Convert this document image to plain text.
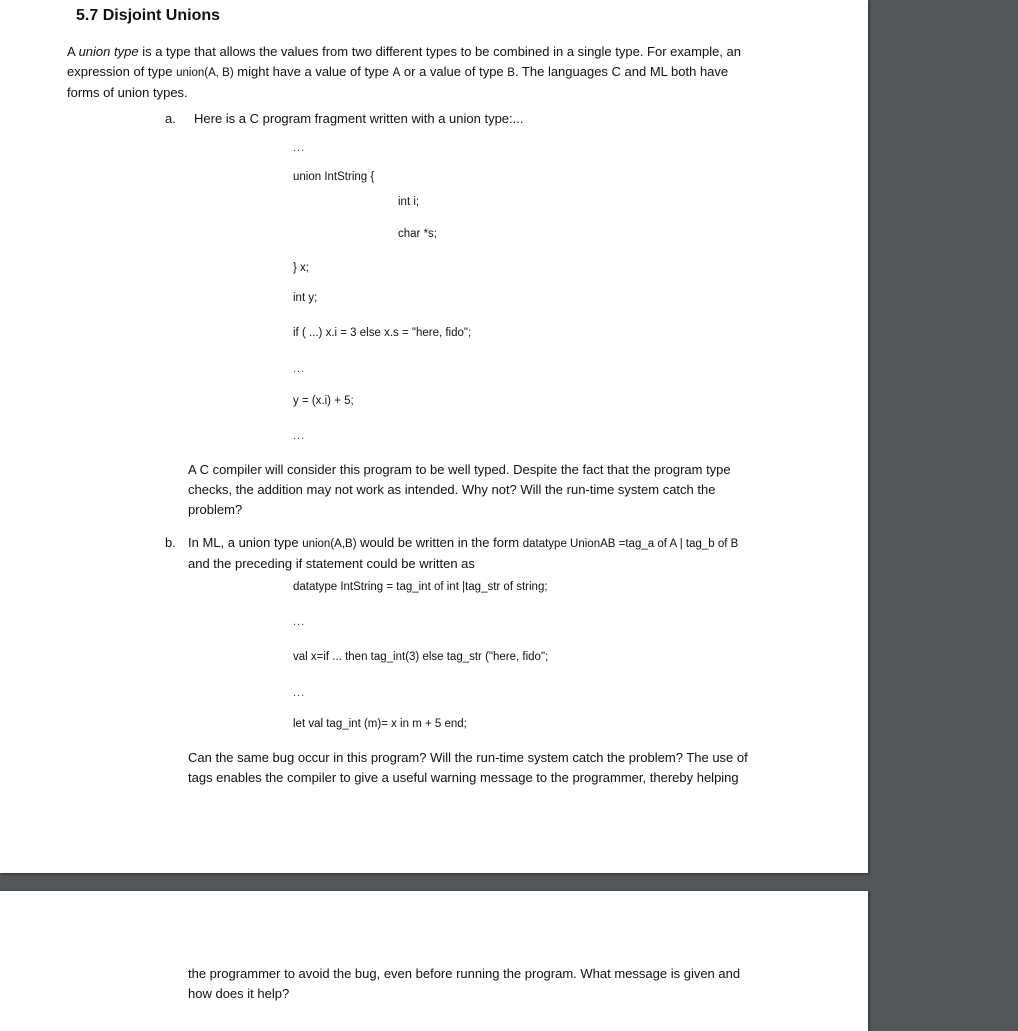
5.7 Disjoint Unions
A union type is a type that allows the values from two different types to be combined in a single type. For example, an
expression of type union(A, B) might have a value of type A or a value of type B. The languages C and ML both have
forms of union types.
a. Here is a C program fragment written with a union type:...
...
union IntString {
int i;
char *s;
} x;
int y;
if ( ...) x.i = 3 else x.s = "here, fido";
...
y = (x.i) + 5;
...
A C compiler will consider this program to be well typed. Despite the fact that the program type
checks, the addition may not work as intended. Why not? Will the run-time system catch the
problem?
b. In ML, a union type union(A,B) would be written in the form datatype UnionAB =tag_a of A | tag_b of B
and the preceding if statement could be written as
datatype IntString = tag_int of int |tag_str of string;
...
val x=if ... then tag_int(3) else tag_str ("here, fido";
...
let val tag_int (m)= x in m + 5 end;
Can the same bug occur in this program? Will the run-time system catch the problem? The use of
tags enables the compiler to give a useful warning message to the programmer, thereby helping
the programmer to avoid the bug, even before running the program. What message is given and
how does it help?
